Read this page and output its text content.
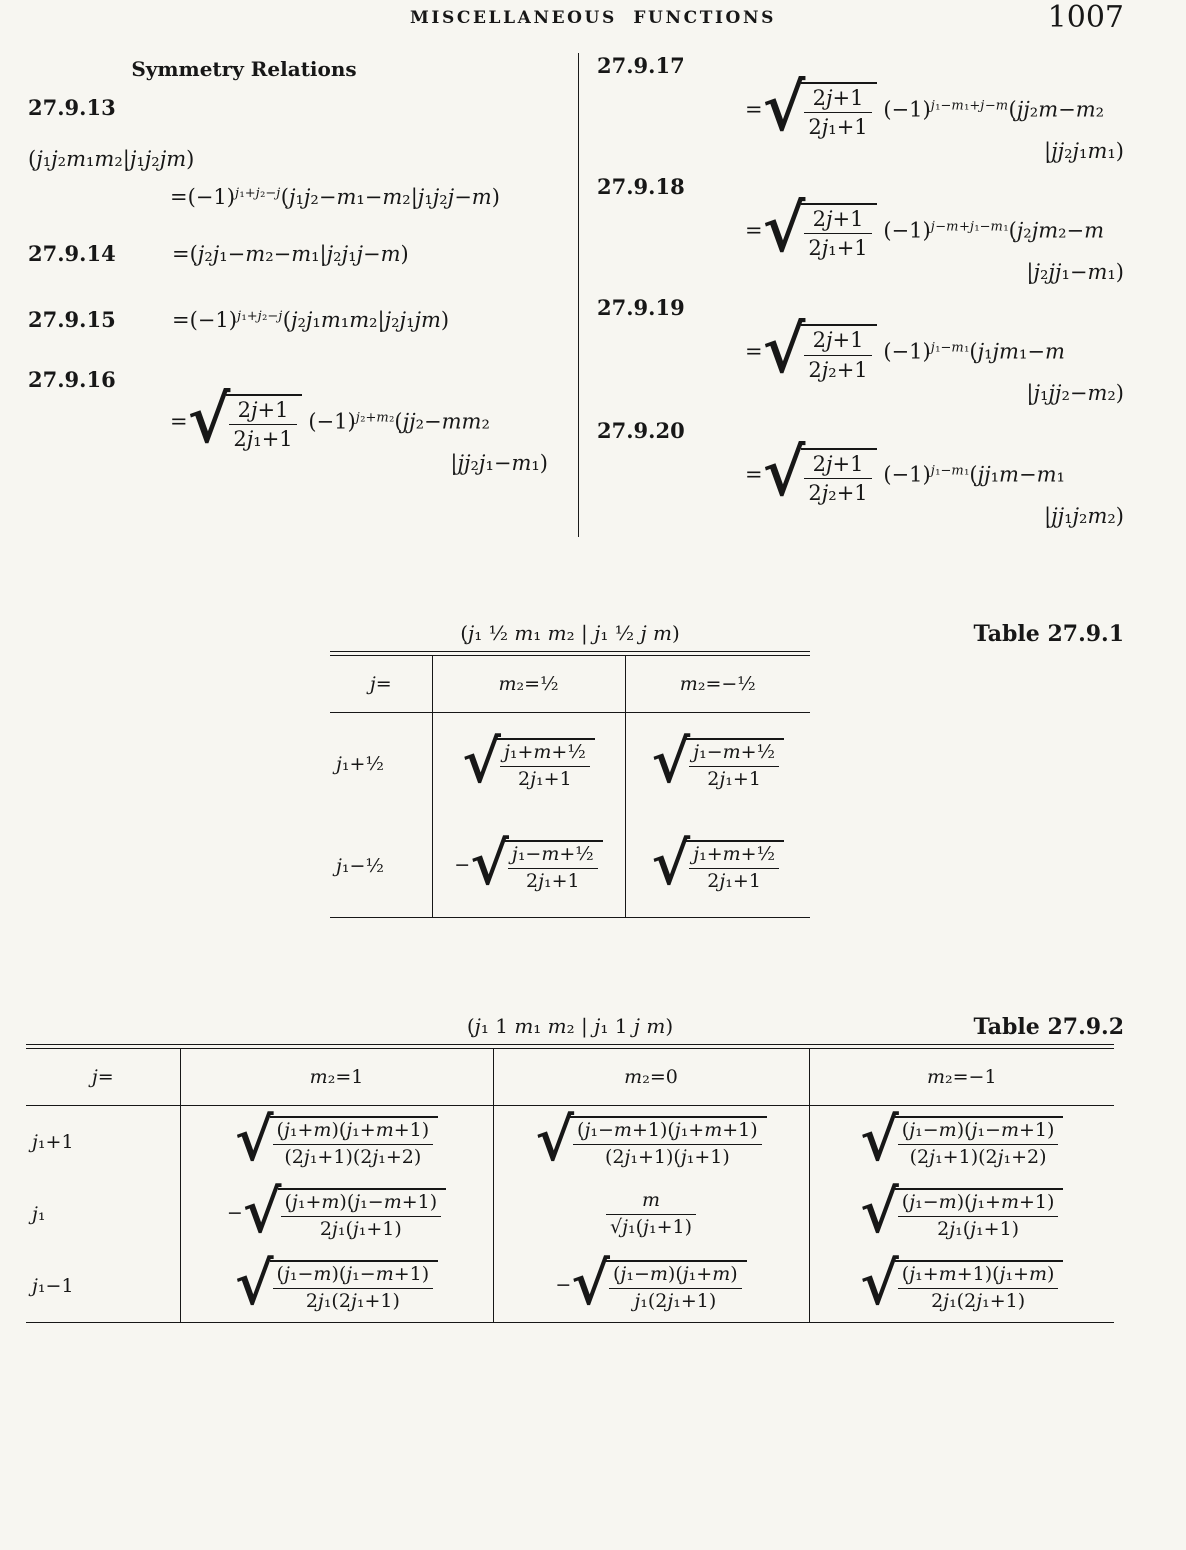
MISCELLANEOUS FUNCTIONS	1007
Symmetry Relations
27.9.13
(j₁j₂m₁m₂|j₁j₂jm)
$=(-1)^{j_1+j_2-j}(j_1j_2-m_1-m_2|j_1j_2j-m)$
27.9.14	=(j₂j₁−m₂−m₁|j₂j₁j−m)
27.9.15	$=(-1)^{j_1+j_2-j}(j_2j_1m_1m_2|j_2j_1jm)$
27.9.16
= √ $\frac{2j+1}{\text{2j₁+1}} (-1)^{j_2+m_2}(jj_2-mm_2$
|jj₂j₁−m₁)
27.9.17
= √ $\frac{2j+1}{\text{2j₁+1}} (-1)^{j_1-m_1+j-m}(jj_2m-m_2$
|jj₂j₁m₁)
27.9.18
= √ $\frac{2j+1}{\text{2j₁+1}} (-1)^{j-m+j_1-m_1}(j_2jm_2-m$
|j₂jj₁−m₁)
27.9.19
= √ $\frac{2j+1}{\text{2j₂+1}} (-1)^{j_1-m_1}(j_1jm_1-m$
|j₁jj₂−m₂)
27.9.20
= √ $\frac{2j+1}{\text{2j₂+1}} (-1)^{j_1-m_1}(jj_1m-m_1$
|jj₁j₂m₂)
(j₁ ½ m₁ m₂ | j₁ ½ j m)	Table 27.9.1
j=	m₂=½	m₂=−½
j₁+½	√ $\frac{\text{j₁+m+½}}{\text{2j₁+1}}$	√ $\frac{\text{j₁−m+½}}{\text{2j₁+1}}$

j₁−½	− √ $\frac{\text{j₁−m+½}}{\text{2j₁+1}}$	√ $\frac{\text{j₁+m+½}}{\text{2j₁+1}}$
(j₁ 1 m₁ m₂ | j₁ 1 j m)	Table 27.9.2
j=	m₂=1	m₂=0	m₂=−1
j₁+1	√ $\frac{\text{(j₁+m)(j₁+m+1)}}{\text{(2j₁+1)(2j₁+2)}}$	√ $\frac{\text{(j₁−m+1)(j₁+m+1)}}{\text{(2j₁+1)(j₁+1)}}$	√ $\frac{\text{(j₁−m)(j₁−m+1)}}{\text{(2j₁+1)(2j₁+2)}}$

j₁	− √ $\frac{\text{(j₁+m)(j₁−m+1)}}{\text{2j₁(j₁+1)}}$	$\frac{m}{\text{√j₁(j₁+1)}}$	√ $\frac{\text{(j₁−m)(j₁+m+1)}}{\text{2j₁(j₁+1)}}$

j₁−1	√ $\frac{\text{(j₁−m)(j₁−m+1)}}{\text{2j₁(2j₁+1)}}$	− √ $\frac{\text{(j₁−m)(j₁+m)}}{\text{j₁(2j₁+1)}}$	√ $\frac{\text{(j₁+m+1)(j₁+m)}}{\text{2j₁(2j₁+1)}}$
